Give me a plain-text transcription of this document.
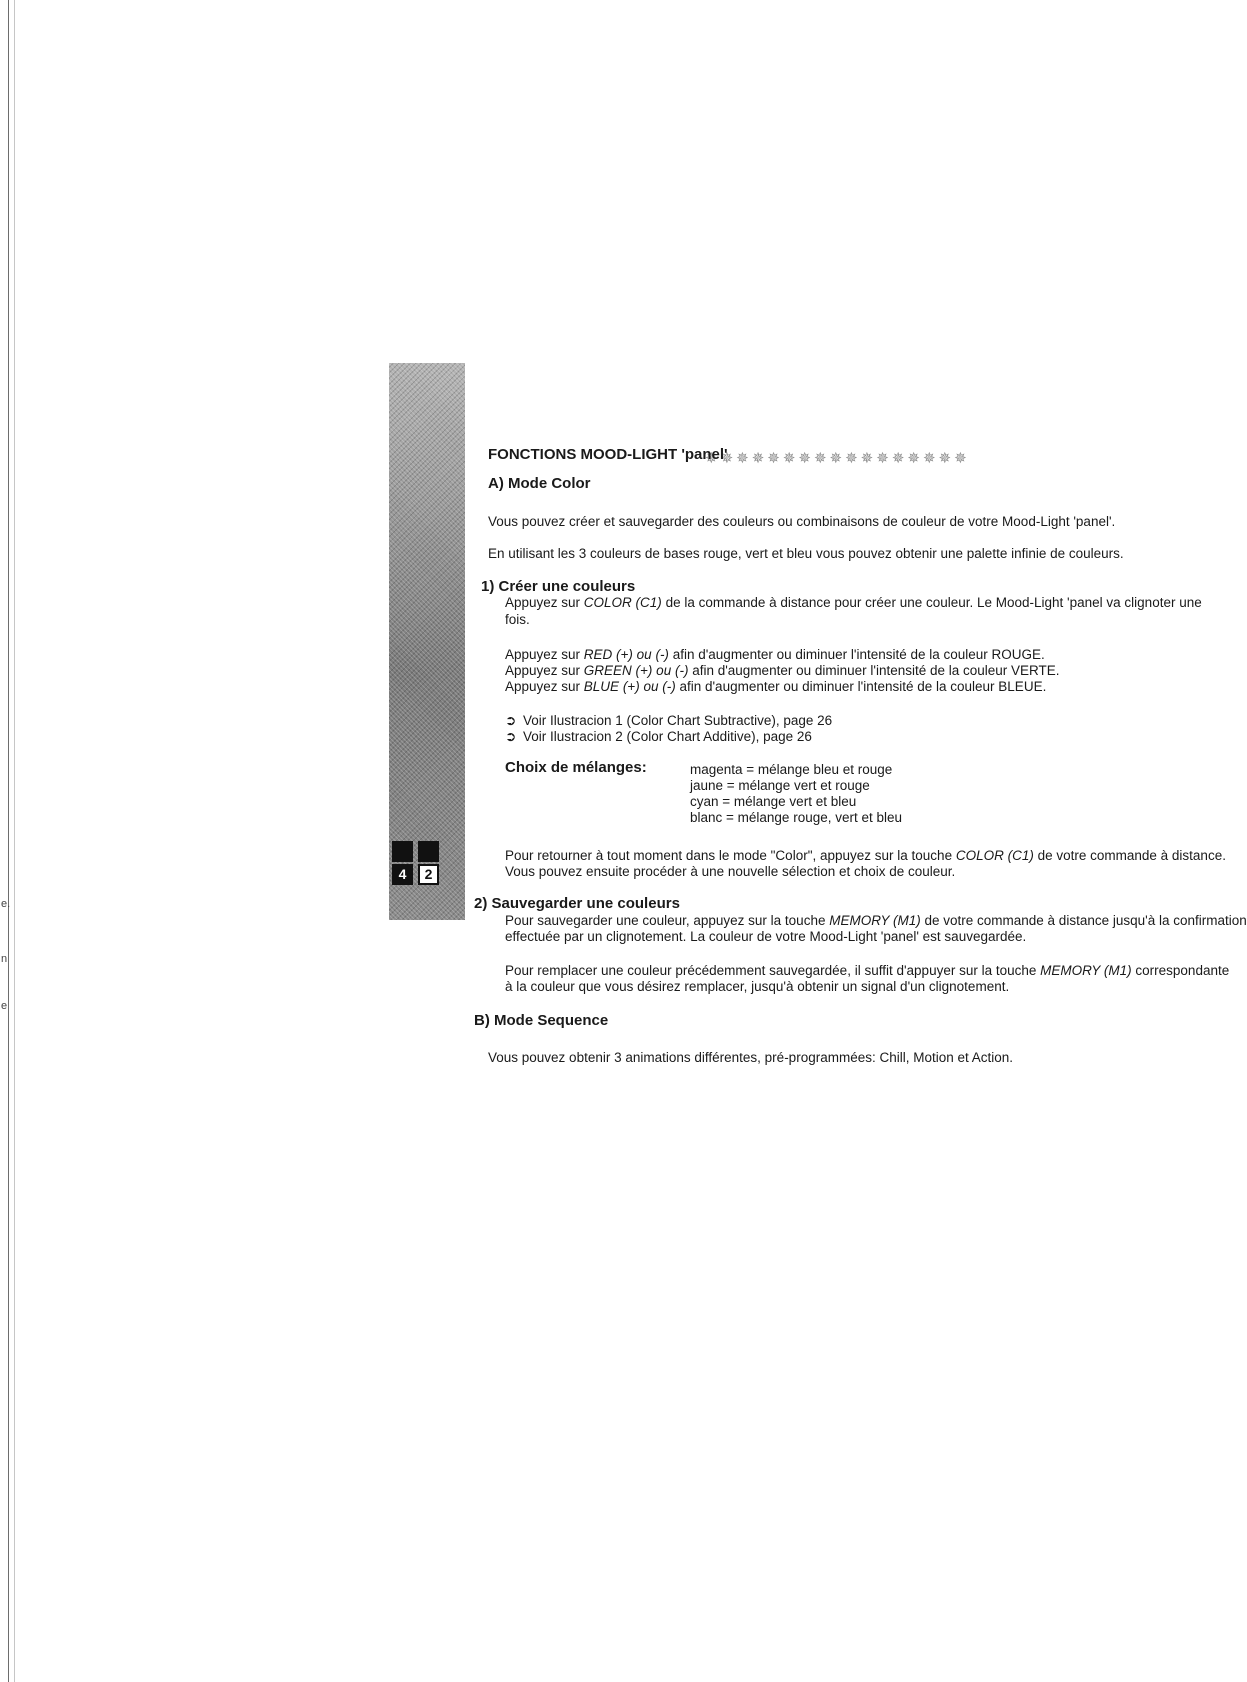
e.
n
e
4	2
✵✵✵✵✵✵✵✵✵✵✵✵✵✵✵✵✵
FONCTIONS MOOD-LIGHT 'panel'
A) Mode Color
Vous pouvez créer et sauvegarder des couleurs ou combinaisons de couleur de votre Mood-Light 'panel'.
En utilisant les 3 couleurs de bases rouge, vert et bleu vous pouvez obtenir une palette infinie de couleurs.
1) Créer une couleurs
Appuyez sur COLOR (C1) de la commande à distance pour créer une couleur. Le Mood-Light 'panel va clignoter une
fois.
Appuyez sur RED (+) ou (-) afin d'augmenter ou diminuer l'intensité de la couleur ROUGE.
Appuyez sur GREEN (+) ou (-) afin d'augmenter ou diminuer l'intensité de la couleur VERTE.
Appuyez sur BLUE (+) ou (-) afin d'augmenter ou diminuer l'intensité de la couleur BLEUE.
➲ Voir Ilustracion 1 (Color Chart Subtractive), page 26
➲ Voir Ilustracion 2 (Color Chart Additive), page 26
Choix de mélanges:	magenta = mélange bleu et rouge
jaune = mélange vert et rouge
cyan = mélange vert et bleu
blanc = mélange rouge, vert et bleu
Pour retourner à tout moment dans le mode "Color", appuyez sur la touche COLOR (C1) de votre commande à distance.
Vous pouvez ensuite procéder à une nouvelle sélection et choix de couleur.
2) Sauvegarder une couleurs
Pour sauvegarder une couleur, appuyez sur la touche MEMORY (M1) de votre commande à distance jusqu'à la confirmation
effectuée par un clignotement. La couleur de votre Mood-Light 'panel' est sauvegardée.
Pour remplacer une couleur précédemment sauvegardée, il suffit d'appuyer sur la touche MEMORY (M1) correspondante
à la couleur que vous désirez remplacer, jusqu'à obtenir un signal d'un clignotement.
B) Mode Sequence
Vous pouvez obtenir 3 animations différentes, pré-programmées: Chill, Motion et Action.
